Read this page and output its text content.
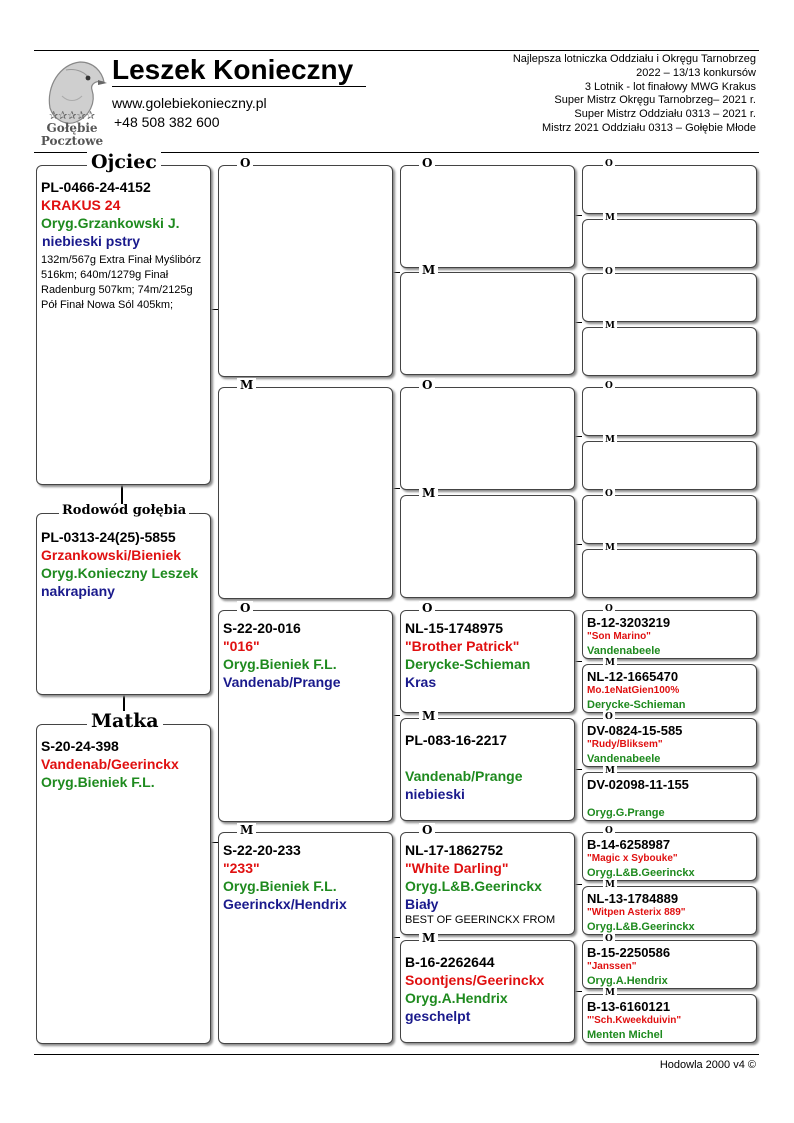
✰✰✰✰✰
Gołębie
Pocztowe
Leszek Konieczny
www.golebiekonieczny.pl
+48 508 382 600
Najlepsza lotniczka Oddziału i Okręgu Tarnobrzeg
2022 – 13/13 konkursów
3 Lotnik - lot finałowy MWG Krakus
Super Mistrz Okręgu Tarnobrzeg– 2021 r.
Super Mistrz Oddziału 0313 – 2021 r.
Mistrz 2021 Oddziału 0313 – Gołębie Młode
Ojciec
PL-0466-24-4152
KRAKUS 24
Oryg.Grzankowski J.
niebieski pstry
132m/567g Extra Finał Myślibórz 516km; 640m/1279g Finał Radenburg 507km; 74m/2125g Pół Finał Nowa Sól 405km;
Rodowód gołębia
PL-0313-24(25)-5855
Grzankowski/Bieniek
Oryg.Konieczny Leszek
nakrapiany
Matka
S-20-24-398
Vandenab/Geerinckx
Oryg.Bieniek F.L.
O
M
O
S-22-20-016
"016"
Oryg.Bieniek F.L.
Vandenab/Prange
M
S-22-20-233
"233"
Oryg.Bieniek F.L.
Geerinckx/Hendrix
O
M
O
M
O
NL-15-1748975
"Brother Patrick"
Derycke-Schieman
Kras
M
PL-083-16-2217
Vandenab/Prange
niebieski
O
NL-17-1862752
"White Darling"
Oryg.L&B.Geerinckx
Biały
BEST OF GEERINCKX FROM
M
B-16-2262644
Soontjens/Geerinckx
Oryg.A.Hendrix
geschelpt
O
M
O
M
O
M
O
M
O
B-12-3203219
"Son Marino"
Vandenabeele
M
NL-12-1665470
Mo.1eNatGien100%
Derycke-Schieman
O
DV-0824-15-585
"Rudy/Bliksem"
Vandenabeele
M
DV-02098-11-155
Oryg.G.Prange
O
B-14-6258987
"Magic x Sybouke"
Oryg.L&B.Geerinckx
M
NL-13-1784889
"Witpen Asterix 889"
Oryg.L&B.Geerinckx
O
B-15-2250586
"Janssen"
Oryg.A.Hendrix
M
B-13-6160121
"'Sch.Kweekduivin"
Menten Michel
Hodowla 2000 v4 ©
